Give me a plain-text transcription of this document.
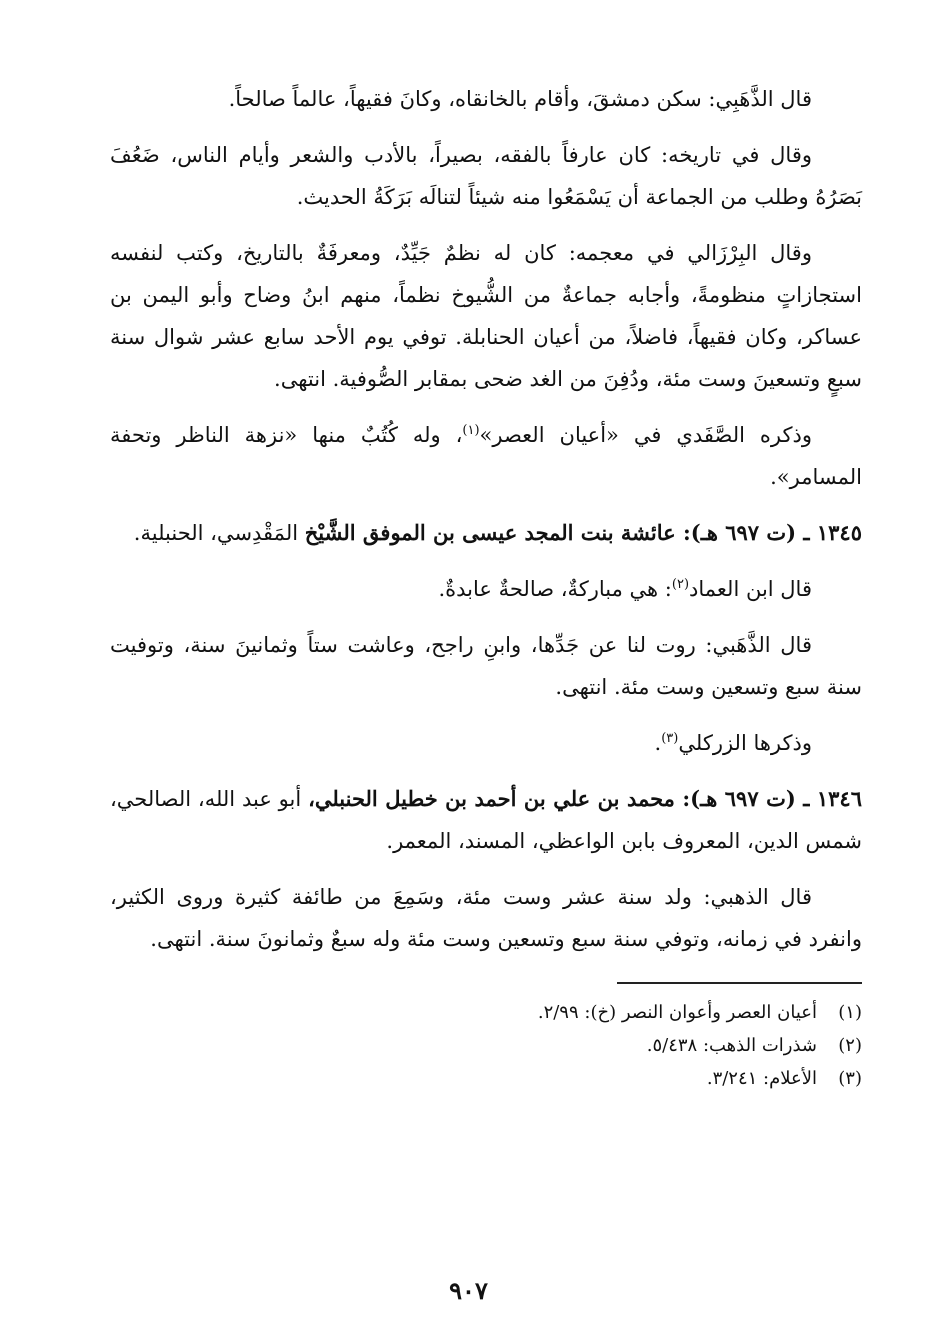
قال الذَّهَبِي: سكن دمشقَ، وأقام بالخانقاه، وكانَ فقيهاً، عالماً صالحاً.

وقال في تاريخه: كان عارفاً بالفقه، بصيراً، بالأدب والشعر وأيام الناس، ضَعُفَ بَصَرُهُ وطلب من الجماعة أن يَسْمَعُوا منه شيئاً لتنالَه بَرَكَةُ الحديث.

وقال البِرْزَالي في معجمه: كان له نظمٌ جَيِّدٌ، ومعرفَةٌ بالتاريخ، وكتب لنفسه استجازاتٍ منظومةً، وأجابه جماعةٌ من الشُّيوخ نظماً، منهم ابنُ وضاح وأبو اليمن بن عساكر، وكان فقيهاً، فاضلاً، من أعيان الحنابلة. توفي يوم الأحد سابع عشر شوال سنة سبعٍ وتسعينَ وست مئة، ودُفِنَ من الغد ضحى بمقابر الصُّوفية. انتهى.

وذكره الصَّفَدي في «أعيان العصر»$^{(١)}$، وله كُتُبٌ منها «نزهة الناظر وتحفة المسامر».

١٣٤٥ ـ (ت ٦٩٧ هـ): عائشة بنت المجد عيسى بن الموفق الشَّيْخ المَقْدِسي، الحنبلية.

قال ابن العماد$^{(٢)}$: هي مباركةٌ، صالحةٌ عابدةٌ.

قال الذَّهَبي: روت لنا عن جَدِّها، وابنِ راجح، وعاشت ستاً وثمانينَ سنة، وتوفيت سنة سبع وتسعين وست مئة. انتهى.

وذكرها الزركلي$^{(٣)}$.

١٣٤٦ ـ (ت ٦٩٧ هـ): محمد بن علي بن أحمد بن خطيل الحنبلي، أبو عبد الله، الصالحي، شمس الدين، المعروف بابن الواعظي، المسند، المعمر.

قال الذهبي: ولد سنة عشر وست مئة، وسَمِعَ من طائفة كثيرة وروى الكثير، وانفرد في زمانه، وتوفي سنة سبع وتسعين وست مئة وله سبعٌ وثمانونَ سنة. انتهى.

(١)
أعيان العصر وأعوان النصر (خ): ٢/٩٩.
(٢)
شذرات الذهب: ٥/٤٣٨.
(٣)
الأعلام: ٣/٢٤١.
٩٠٧
